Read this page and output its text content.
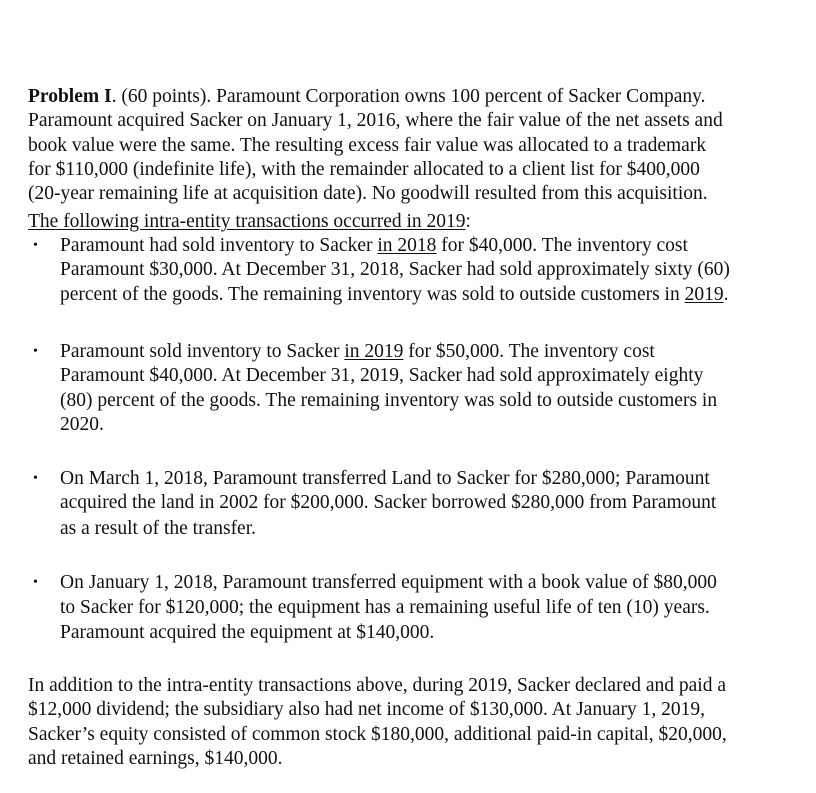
Problem I. (60 points). Paramount Corporation owns 100 percent of Sacker Company.
Paramount acquired Sacker on January 1, 2016, where the fair value of the net assets and
book value were the same. The resulting excess fair value was allocated to a trademark
for $110,000 (indefinite life), with the remainder allocated to a client list for $400,000
(20-year remaining life at acquisition date). No goodwill resulted from this acquisition.
The following intra-entity transactions occurred in 2019:
• Paramount had sold inventory to Sacker in 2018 for $40,000. The inventory cost
Paramount $30,000. At December 31, 2018, Sacker had sold approximately sixty (60)
percent of the goods. The remaining inventory was sold to outside customers in 2019.
• Paramount sold inventory to Sacker in 2019 for $50,000. The inventory cost
Paramount $40,000. At December 31, 2019, Sacker had sold approximately eighty
(80) percent of the goods. The remaining inventory was sold to outside customers in
2020.
• On March 1, 2018, Paramount transferred Land to Sacker for $280,000; Paramount
acquired the land in 2002 for $200,000. Sacker borrowed $280,000 from Paramount
as a result of the transfer.
• On January 1, 2018, Paramount transferred equipment with a book value of $80,000
to Sacker for $120,000; the equipment has a remaining useful life of ten (10) years.
Paramount acquired the equipment at $140,000.
In addition to the intra-entity transactions above, during 2019, Sacker declared and paid a
$12,000 dividend; the subsidiary also had net income of $130,000. At January 1, 2019,
Sacker’s equity consisted of common stock $180,000, additional paid-in capital, $20,000,
and retained earnings, $140,000.
